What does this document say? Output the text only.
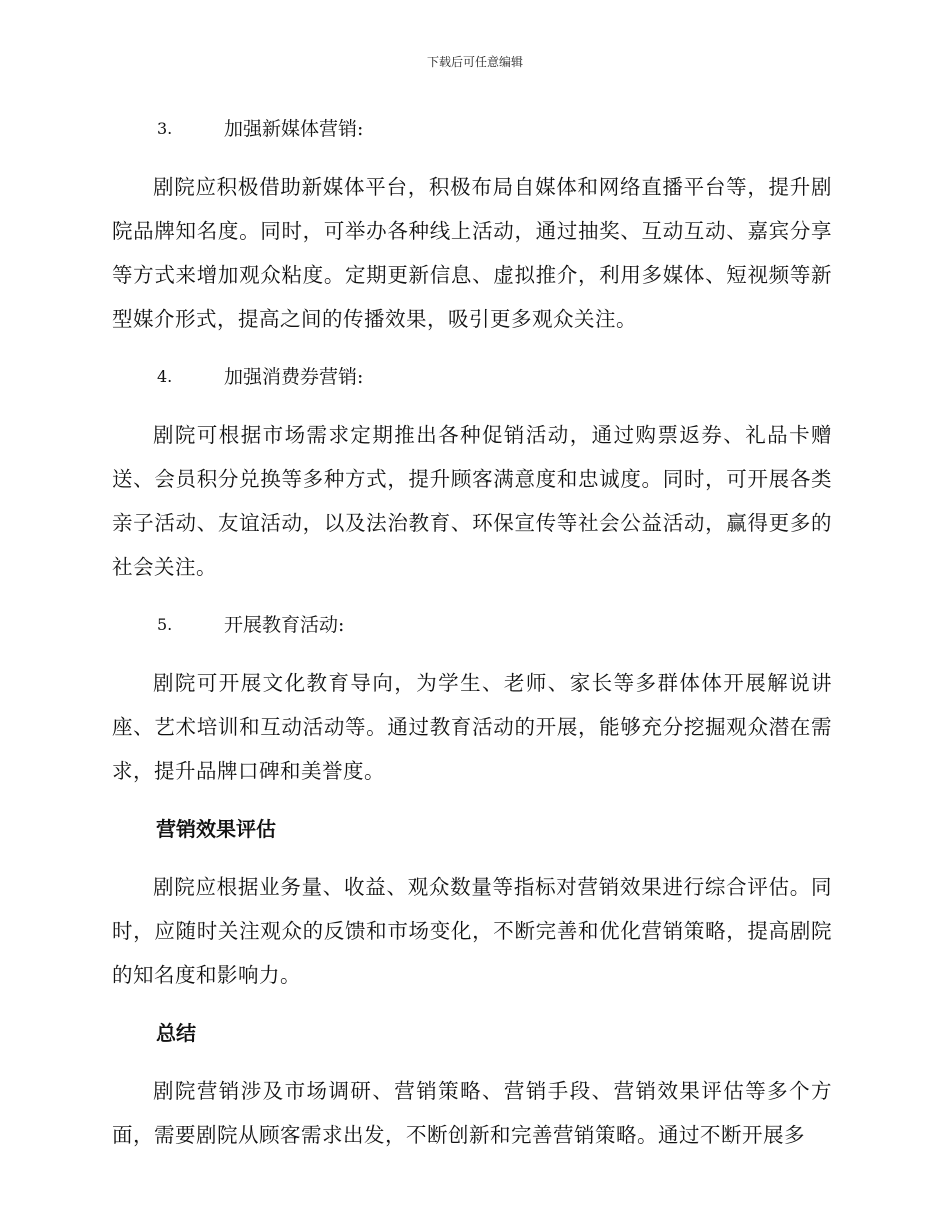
下载后可任意编辑
3.	加强新媒体营销:

剧院应积极借助新媒体平台，积极布局自媒体和网络直播平台等，提升剧院品牌知名度。同时，可举办各种线上活动，通过抽奖、互动互动、嘉宾分享等方式来增加观众粘度。定期更新信息、虚拟推介，利用多媒体、短视频等新型媒介形式，提高之间的传播效果，吸引更多观众关注。

4.	加强消费券营销:

剧院可根据市场需求定期推出各种促销活动，通过购票返券、礼品卡赠送、会员积分兑换等多种方式，提升顾客满意度和忠诚度。同时，可开展各类亲子活动、友谊活动，以及法治教育、环保宣传等社会公益活动，赢得更多的社会关注。

5.	开展教育活动:

剧院可开展文化教育导向，为学生、老师、家长等多群体体开展解说讲座、艺术培训和互动活动等。通过教育活动的开展，能够充分挖掘观众潜在需求，提升品牌口碑和美誉度。

营销效果评估

剧院应根据业务量、收益、观众数量等指标对营销效果进行综合评估。同时，应随时关注观众的反馈和市场变化，不断完善和优化营销策略，提高剧院的知名度和影响力。

总结

剧院营销涉及市场调研、营销策略、营销手段、营销效果评估等多个方面，需要剧院从顾客需求出发，不断创新和完善营销策略。通过不断开展多
